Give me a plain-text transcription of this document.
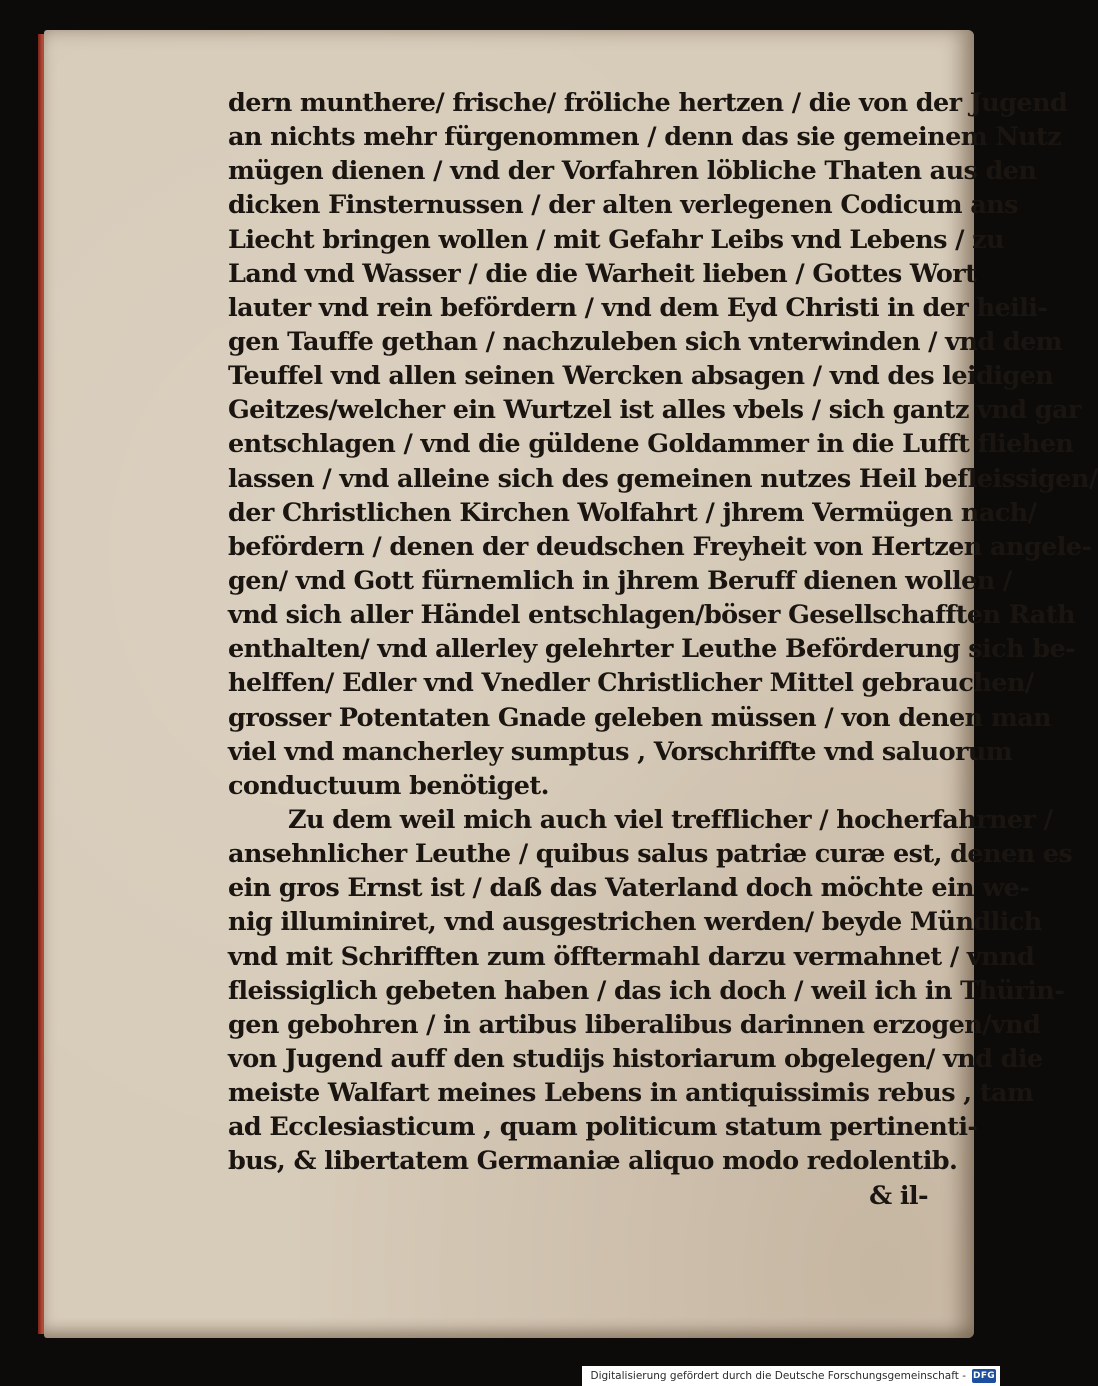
dern munthere/ frische/ frӧliche hertzen / die von der Jugend
an nichts mehr fürgenommen / denn das sie gemeinem Nutz
mügen dienen / vnd der Vorfahren lӧbliche Thaten aus den
dicken Finsternussen / der alten verlegenen Codicum ans
Liecht bringen wollen / mit Gefahr Leibs vnd Lebens / zu
Land vnd Wasser / die die Warheit lieben / Gottes Wort
lauter vnd rein befӧrdern / vnd dem Eyd Christi in der heili-
gen Tauffe gethan / nachzuleben sich vnterwinden / vnd dem
Teuffel vnd allen seinen Wercken absagen / vnd des leidigen
Geitzes/welcher ein Wurtzel ist alles vbels / sich gantz vnd gar
entschlagen / vnd die güldene Goldammer in die Lufft fliehen
lassen / vnd alleine sich des gemeinen nutzes Heil befleissigen/
der Christlichen Kirchen Wolfahrt / jhrem Vermügen nach/
befӧrdern / denen der deudschen Freyheit von Hertzen angele-
gen/ vnd Gott fürnemlich in jhrem Beruff dienen wollen /
vnd sich aller Händel entschlagen/bӧser Gesellschafften Rath
enthalten/ vnd allerley gelehrter Leuthe Befӧrderung sich be-
helffen/ Edler vnd Vnedler Christlicher Mittel gebrauchen/
grosser Potentaten Gnade geleben müssen / von denen man
viel vnd mancherley sumptus , Vorschriffte vnd saluorum
conductuum benӧtiget.
Zu dem weil mich auch viel trefflicher / hocherfahrner /
ansehnlicher Leuthe / quibus salus patriæ curæ est, denen es
ein gros Ernst ist / daß das Vaterland doch mӧchte ein we-
nig illuminiret, vnd ausgestrichen werden/ beyde Mündlich
vnd mit Schrifften zum ӧfftermahl darzu vermahnet / vnnd
fleissiglich gebeten haben / das ich doch / weil ich in Thürin-
gen gebohren / in artibus liberalibus darinnen erzogen/vnd
von Jugend auff den studijs historiarum obgelegen/ vnd die
meiste Walfart meines Lebens in antiquissimis rebus , tam
ad Ecclesiasticum , quam politicum statum pertinenti-
bus, & libertatem Germaniæ aliquo modo redolentib.
& il-
Digitalisierung gefördert durch die Deutsche Forschungsgemeinschaft - DFG
